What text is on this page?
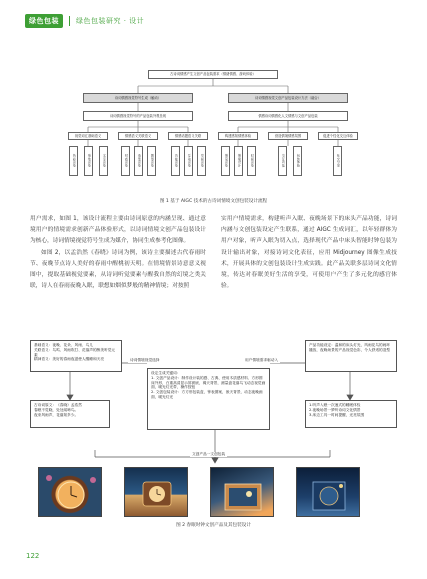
绿色包装	绿色包装研究 · 设计
古诗词情感产生文创产品包装需求（情绪情感、游戏体验）
诗词情感视觉符号生成（触动）	诗词情感视觉文创产品包装设计方法（融合）
诗词情感视觉符号的产品包装外观呈现	情感诗词情感化人文情感与文创产品包装
视觉词汇基础语义	情感语义关联语义	情感话题语义关联	构建感知情感体验	营造情境情感氛围	促进个性化交互体验
色彩意象	形象意象	文字意象	材质意象	造型意象	图形意象	功能意象	互动意象	空间意象	情景意象	情境设计	时间意象	交互功能	包装体验	社交分享
图 1 基于 AIGC 技术的古诗词情境文创包装设计流程

用户需求，如图 1，该设计流程主要由诗词原意的内涵呈现、通过意境用户的情境需求创新产品体验形式，以诗词情境文创产品包装设计为核心，诗词情境视觉符号生成为媒介，协同生成参考化图像。

如图 2，以孟浩然《春晓》诗词为例，该诗主要描述古代春雨时节、夜晚节点诗人美好的春雨中醒桃初天明。在情境情景诗意意义视图中，提取基础视觉要素，从诗词听觉要素与醒我自然的幻境之类关联，诗人在春雨夜晚入眠，联想如烟似梦般的精神情境；对按照

实用户情境需求，构建听声入眠、夜晚场景下的床头产品功能，诗词内涵与文创包装设定产生联系，通过 AIGC 生成词汇，以年轻群体为用户对象，听声入眠为切入点，选择现代产品中床头智能时钟包装为设计输出对象，对接诗词文化表征，应用 Midjourney 图像生成技术，开展具体的文创包装设计生成实践。此产品关联多层诗词文化情境，传达对春眠美好生活的享受，可使用户产生了多元化的感官体验。

基础语义：夜晚、花朵、风雨、鸟儿
关联语义：鸟鸣、风雨吹打、花落声的醉美听觉元素
精神语义：美好的春雨夜滋使人醒睡和天亮
古诗词原文：《春晓》孟浩然
春眠不觉晓，处处闻啼鸟。
夜来风雨声，花落知多少。
诗词情境视觉选择	用户情境需求驱动入
设定生成关键词：
1. 文创产品设计：制作设计装的感、古典、使用木质感材料、方形圆床外形，白重高清显示屏被嵌，褐天背景，测量盘花落鸟飞动态视觉画面，暖光灯光带，操作按钮
2. 文创包装设计：方方形包装盒，钟表图案，嵌天背景，动态夜晚画面，暖光灯光
产品功能设定：温和的床头灯光，风雨花鸟的闹环播放，夜晚场景的产品视觉色彩，令人舒适的造型
1.听声入眠一次速式的睡眠体验
2.夜晚场景一梦听诗词文化情景
3.床边工具一时间提醒，光亮氛围
文创产品一文创包装
图 2 春眠时钟文创产品及其包装设计
122
